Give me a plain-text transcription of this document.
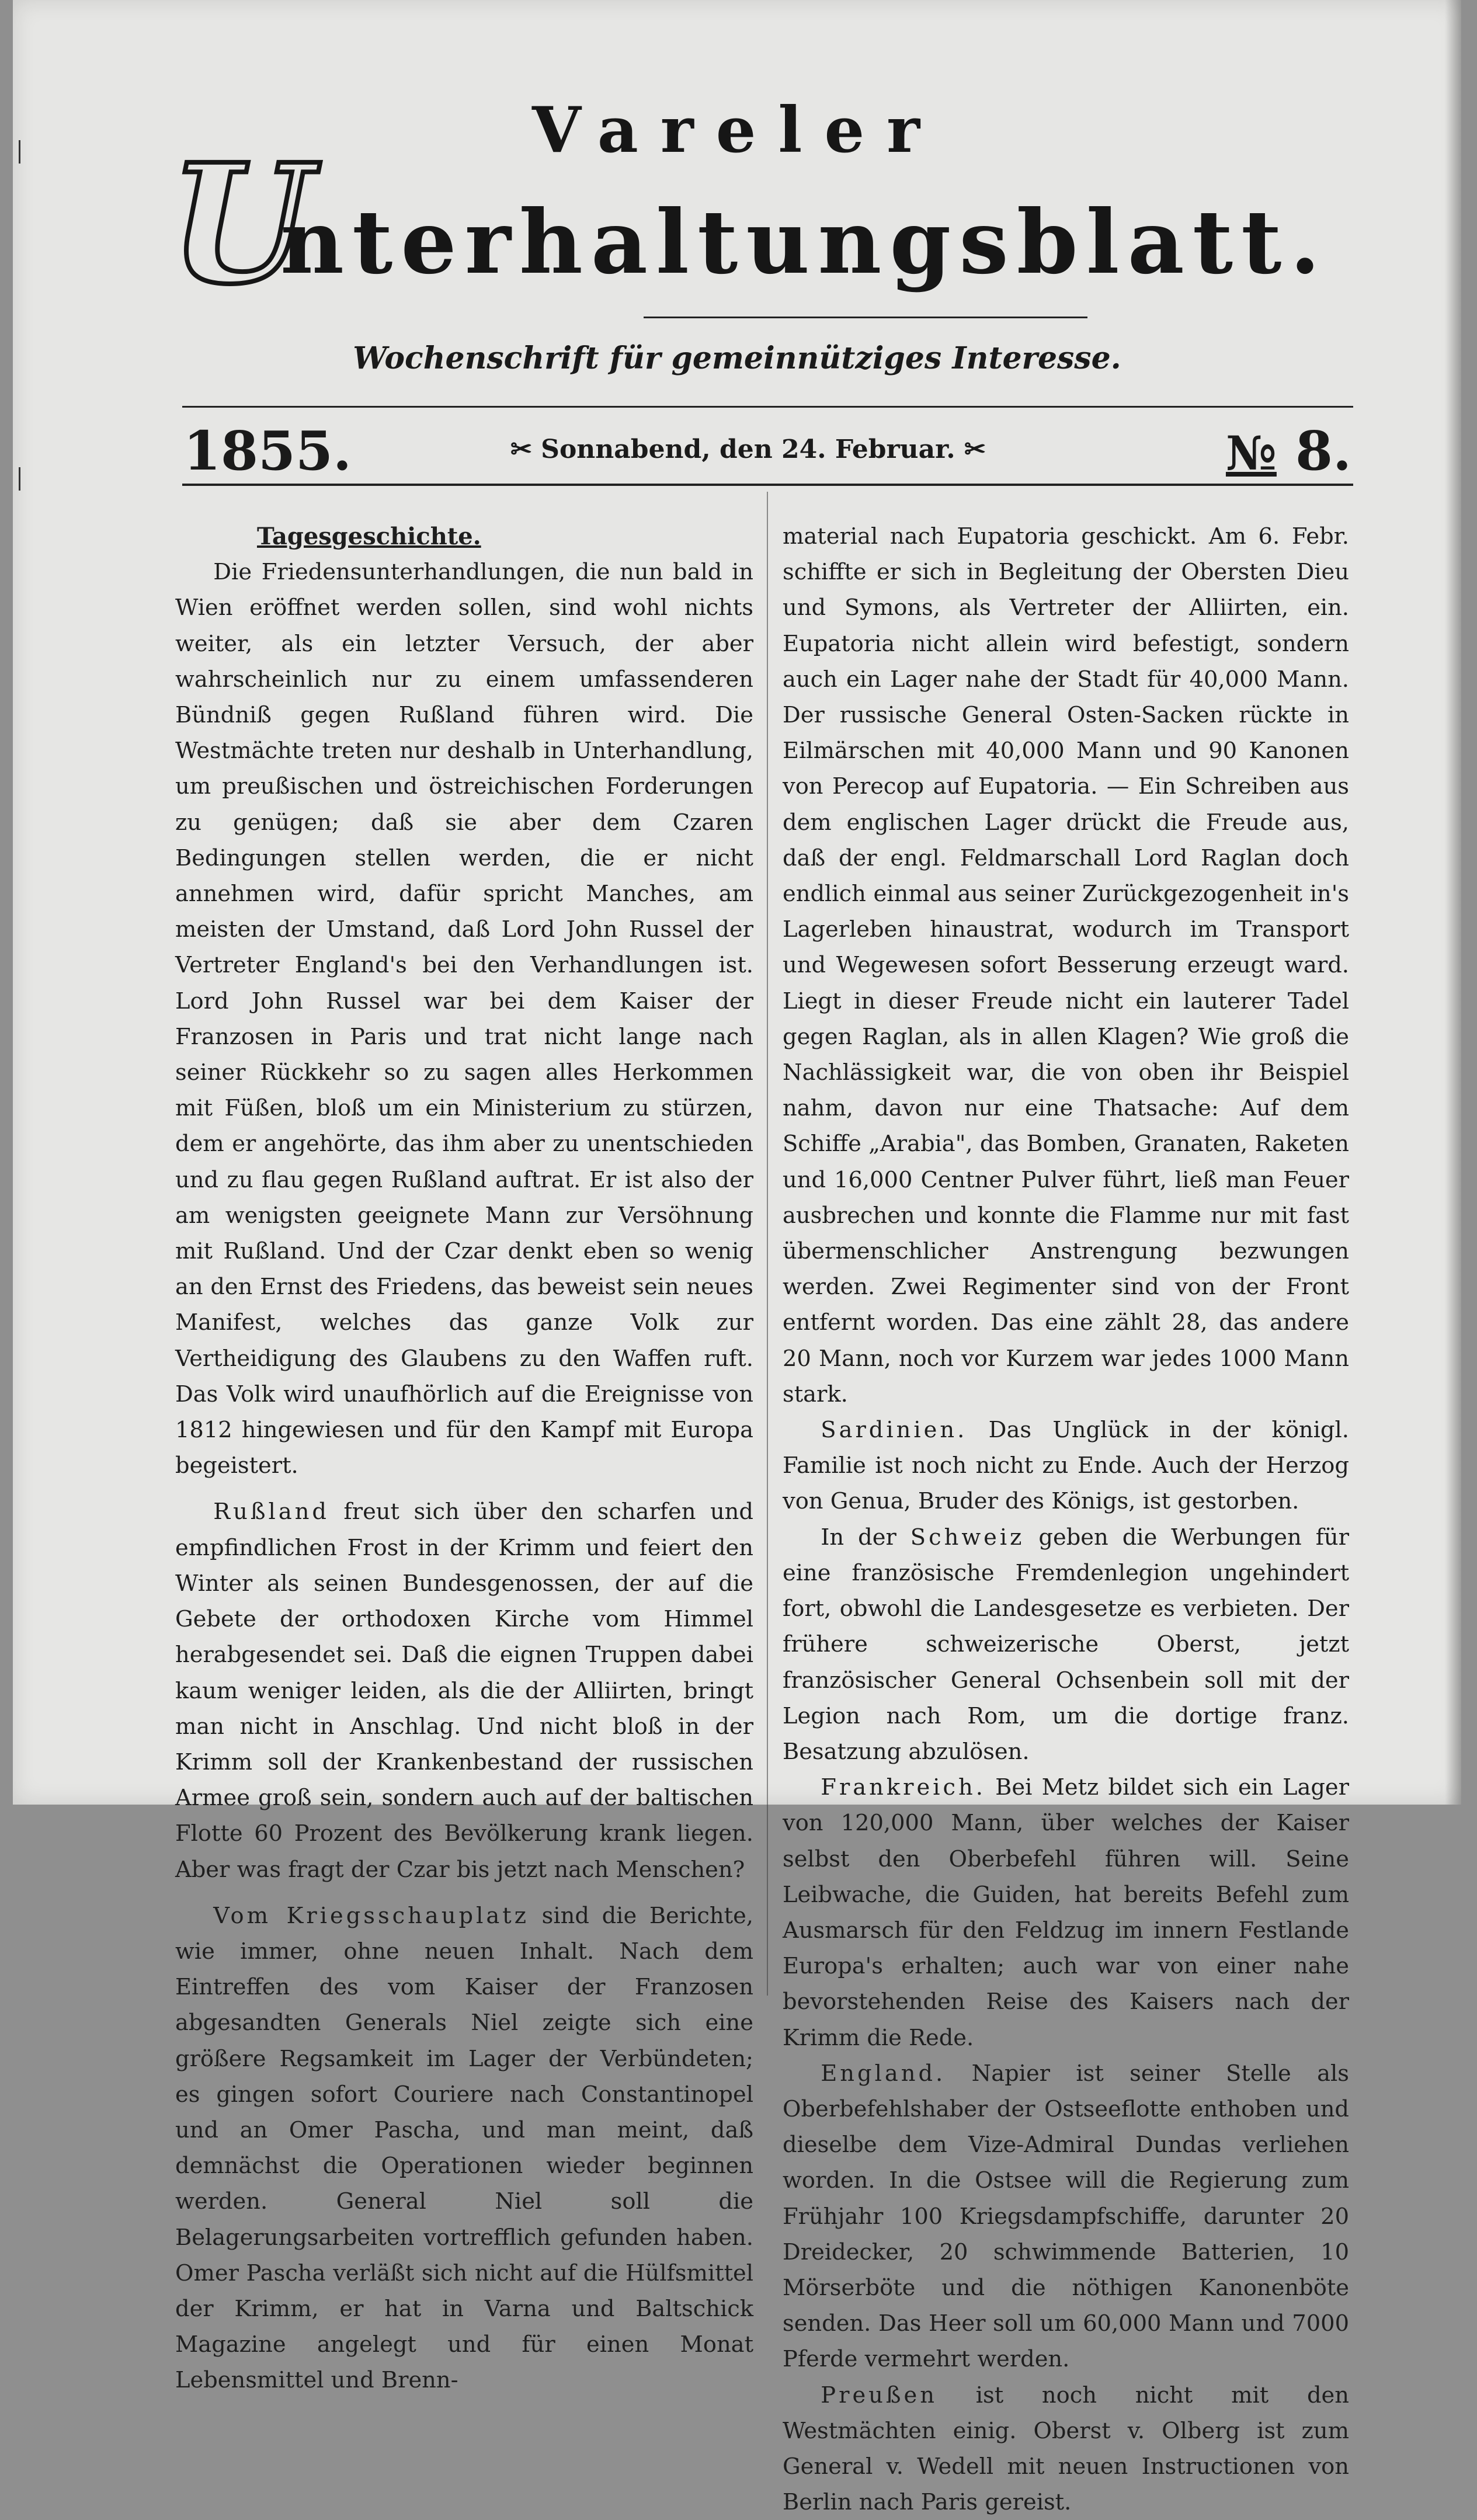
Vareler
U
nterhaltungsblatt.
Wochenschrift für gemeinnütziges Interesse.
1855.	✂ Sonnabend, den 24. Februar. ✂	№ 8.
Tagesgeschichte.

Die Friedensunterhandlungen, die nun bald in Wien eröffnet werden sollen, sind wohl nichts weiter, als ein letzter Versuch, der aber wahrscheinlich nur zu einem umfassenderen Bündniß gegen Rußland führen wird. Die Westmächte treten nur deshalb in Unterhandlung, um preußischen und östreichischen Forderungen zu genügen; daß sie aber dem Czaren Bedingungen stellen werden, die er nicht annehmen wird, dafür spricht Manches, am meisten der Umstand, daß Lord John Russel der Vertreter England's bei den Verhandlungen ist. Lord John Russel war bei dem Kaiser der Franzosen in Paris und trat nicht lange nach seiner Rückkehr so zu sagen alles Herkommen mit Füßen, bloß um ein Ministerium zu stürzen, dem er angehörte, das ihm aber zu unentschieden und zu flau gegen Rußland auftrat. Er ist also der am wenigsten geeignete Mann zur Versöhnung mit Rußland. Und der Czar denkt eben so wenig an den Ernst des Friedens, das beweist sein neues Manifest, welches das ganze Volk zur Vertheidigung des Glaubens zu den Waffen ruft. Das Volk wird unaufhörlich auf die Ereignisse von 1812 hingewiesen und für den Kampf mit Europa begeistert.

Rußland freut sich über den scharfen und empfindlichen Frost in der Krimm und feiert den Winter als seinen Bundesgenossen, der auf die Gebete der orthodoxen Kirche vom Himmel herabgesendet sei. Daß die eignen Truppen dabei kaum weniger leiden, als die der Alliirten, bringt man nicht in Anschlag. Und nicht bloß in der Krimm soll der Krankenbestand der russischen Armee groß sein, sondern auch auf der baltischen Flotte 60 Prozent des Bevölkerung krank liegen. Aber was fragt der Czar bis jetzt nach Menschen?

Vom Kriegsschauplatz sind die Berichte, wie immer, ohne neuen Inhalt. Nach dem Eintreffen des vom Kaiser der Franzosen abgesandten Generals Niel zeigte sich eine größere Regsamkeit im Lager der Verbündeten; es gingen sofort Couriere nach Constantinopel und an Omer Pascha, und man meint, daß demnächst die Operationen wieder beginnen werden. General Niel soll die Belagerungsarbeiten vortrefflich gefunden haben. Omer Pascha verläßt sich nicht auf die Hülfsmittel der Krimm, er hat in Varna und Baltschick Magazine angelegt und für einen Monat Lebensmittel und Brenn-

material nach Eupatoria geschickt. Am 6. Febr. schiffte er sich in Begleitung der Obersten Dieu und Symons, als Vertreter der Alliirten, ein. Eupatoria nicht allein wird befestigt, sondern auch ein Lager nahe der Stadt für 40,000 Mann. Der russische General Osten-Sacken rückte in Eilmärschen mit 40,000 Mann und 90 Kanonen von Perecop auf Eupatoria. — Ein Schreiben aus dem englischen Lager drückt die Freude aus, daß der engl. Feldmarschall Lord Raglan doch endlich einmal aus seiner Zurückgezogenheit in's Lagerleben hinaustrat, wodurch im Transport und Wegewesen sofort Besserung erzeugt ward. Liegt in dieser Freude nicht ein lauterer Tadel gegen Raglan, als in allen Klagen? Wie groß die Nachlässigkeit war, die von oben ihr Beispiel nahm, davon nur eine Thatsache: Auf dem Schiffe „Arabia", das Bomben, Granaten, Raketen und 16,000 Centner Pulver führt, ließ man Feuer ausbrechen und konnte die Flamme nur mit fast übermenschlicher Anstrengung bezwungen werden. Zwei Regimenter sind von der Front entfernt worden. Das eine zählt 28, das andere 20 Mann, noch vor Kurzem war jedes 1000 Mann stark.

Sardinien. Das Unglück in der königl. Familie ist noch nicht zu Ende. Auch der Herzog von Genua, Bruder des Königs, ist gestorben.

In der Schweiz geben die Werbungen für eine französische Fremdenlegion ungehindert fort, obwohl die Landesgesetze es verbieten. Der frühere schweizerische Oberst, jetzt französischer General Ochsenbein soll mit der Legion nach Rom, um die dortige franz. Besatzung abzulösen.

Frankreich. Bei Metz bildet sich ein Lager von 120,000 Mann, über welches der Kaiser selbst den Oberbefehl führen will. Seine Leibwache, die Guiden, hat bereits Befehl zum Ausmarsch für den Feldzug im innern Festlande Europa's erhalten; auch war von einer nahe bevorstehenden Reise des Kaisers nach der Krimm die Rede.

England. Napier ist seiner Stelle als Oberbefehlshaber der Ostseeflotte enthoben und dieselbe dem Vize-Admiral Dundas verliehen worden. In die Ostsee will die Regierung zum Frühjahr 100 Kriegsdampfschiffe, darunter 20 Dreidecker, 20 schwimmende Batterien, 10 Mörserböte und die nöthigen Kanonenböte senden. Das Heer soll um 60,000 Mann und 7000 Pferde vermehrt werden.

Preußen ist noch nicht mit den Westmächten einig. Oberst v. Olberg ist zum General v. Wedell mit neuen Instructionen von Berlin nach Paris gereist.
